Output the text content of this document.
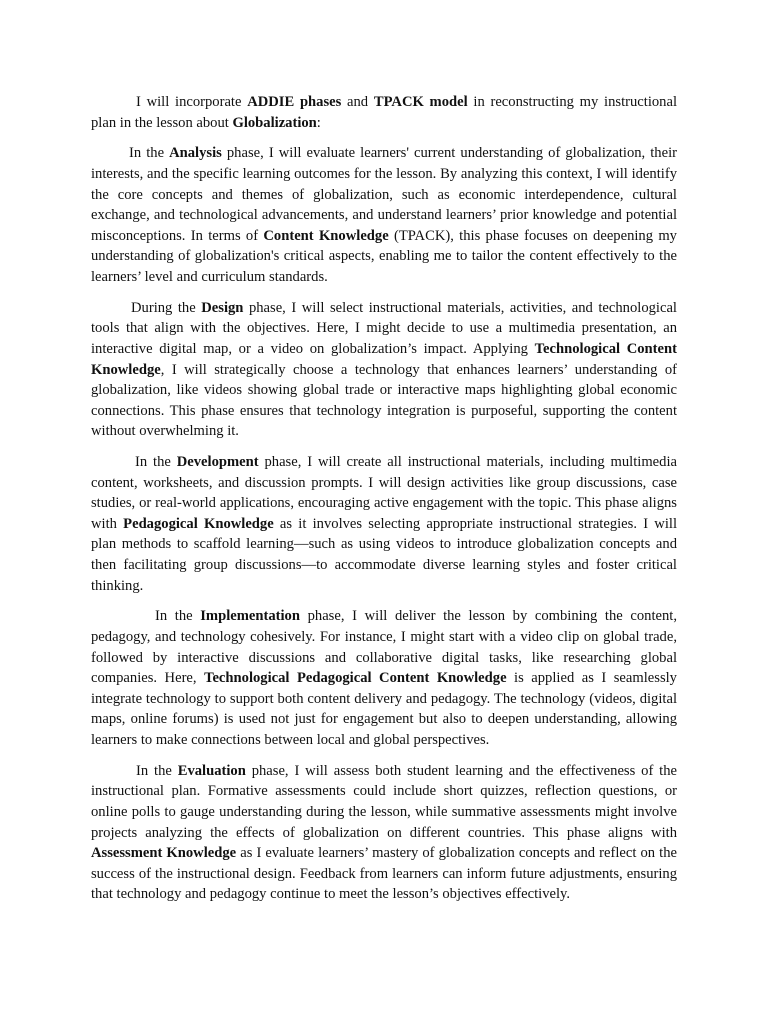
I will incorporate ADDIE phases and TPACK model in reconstructing my instructional plan in the lesson about Globalization:

In the Analysis phase, I will evaluate learners' current understanding of globalization, their interests, and the specific learning outcomes for the lesson. By analyzing this context, I will identify the core concepts and themes of globalization, such as economic interdependence, cultural exchange, and technological advancements, and understand learners’ prior knowledge and potential misconceptions. In terms of Content Knowledge (TPACK), this phase focuses on deepening my understanding of globalization's critical aspects, enabling me to tailor the content effectively to the learners’ level and curriculum standards.

During the Design phase, I will select instructional materials, activities, and technological tools that align with the objectives. Here, I might decide to use a multimedia presentation, an interactive digital map, or a video on globalization’s impact. Applying Technological Content Knowledge, I will strategically choose a technology that enhances learners’ understanding of globalization, like videos showing global trade or interactive maps highlighting global economic connections. This phase ensures that technology integration is purposeful, supporting the content without overwhelming it.

In the Development phase, I will create all instructional materials, including multimedia content, worksheets, and discussion prompts. I will design activities like group discussions, case studies, or real-world applications, encouraging active engagement with the topic. This phase aligns with Pedagogical Knowledge as it involves selecting appropriate instructional strategies. I will plan methods to scaffold learning—such as using videos to introduce globalization concepts and then facilitating group discussions—to accommodate diverse learning styles and foster critical thinking.

In the Implementation phase, I will deliver the lesson by combining the content, pedagogy, and technology cohesively. For instance, I might start with a video clip on global trade, followed by interactive discussions and collaborative digital tasks, like researching global companies. Here, Technological Pedagogical Content Knowledge is applied as I seamlessly integrate technology to support both content delivery and pedagogy. The technology (videos, digital maps, online forums) is used not just for engagement but also to deepen understanding, allowing learners to make connections between local and global perspectives.

In the Evaluation phase, I will assess both student learning and the effectiveness of the instructional plan. Formative assessments could include short quizzes, reflection questions, or online polls to gauge understanding during the lesson, while summative assessments might involve projects analyzing the effects of globalization on different countries. This phase aligns with Assessment Knowledge as I evaluate learners’ mastery of globalization concepts and reflect on the success of the instructional design. Feedback from learners can inform future adjustments, ensuring that technology and pedagogy continue to meet the lesson’s objectives effectively.
